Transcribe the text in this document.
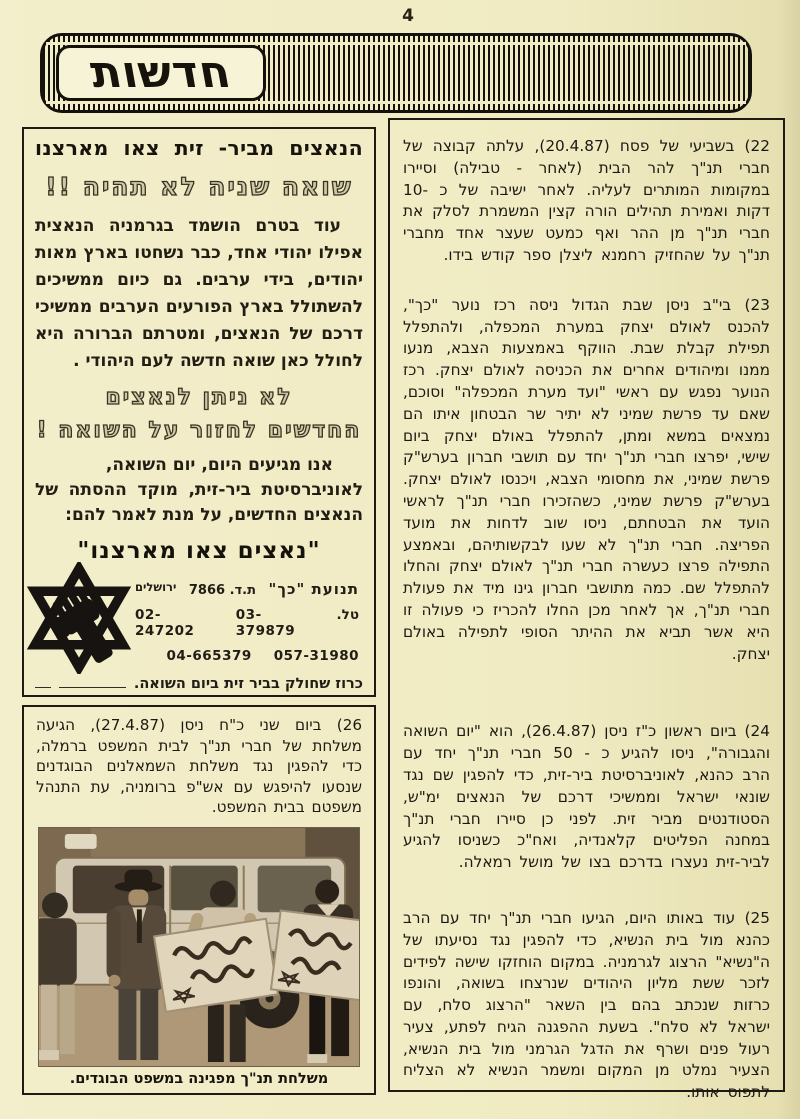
4
חדשות
הנאצים מביר- זית צאו מארצנו
שואה שניה לא תהיה !!
עוד בטרם הושמד בגרמניה הנאצית אפילו יהודי אחד, כבר נשחטו בארץ מאות יהודים, בידי ערבים. גם כיום ממשיכים להשתולל בארץ הפורעים הערבים ממשיכי דרכם של הנאצים, ומטרתם הברורה היא לחולל כאן שואה חדשה לעם היהודי .
לא ניתן לנאצים
החדשים לחזור על השואה !
אנו מגיעים היום, יום השואה,
לאוניברסיטת ביר-זית, מוקד ההסתה של
הנאצים החדשים, על מנת לאמר להם:
"נאצים צאו מארצנו"
תנועת "כך" ת.ד. 7866 ירושלים
טל.
03-379879
02-247202
057-31980
04-665379
כרוז שחולק בביר זית ביום השואה.

26) ביום שני כ"ח ניסן (27.4.87), הגיעה משלחת של חברי תנ"ך לבית המשפט ברמלה, כדי להפגין נגד משלחת השמאלנים הבוגדנים שנסעו להיפגש עם אש"פ ברומניה, עת התנהל משפטם בבית המשפט.

משלחת תנ"ך מפגינה במשפט הבוגדים.

22) בשביעי של פסח (20.4.87), עלתה קבוצה של חברי תנ"ך להר הבית (לאחר - טבילה) וסיירו במקומות המותרים לעליה. לאחר ישיבה של כ -10 דקות ואמירת תהילים הורה קצין המשמרת לסלק את חברי תנ"ך מן ההר ואף כמעט שעצר אחד מחברי תנ"ך על שהחזיק רחמנא ליצלן ספר קודש בידו.

23) בי"ב ניסן שבת הגדול ניסה רכז נוער "כך", להכנס לאולם יצחק במערת המכפלה, ולהתפלל תפילת קבלת שבת. הווקף באמצעות הצבא, מנעו ממנו ומיהודים אחרים את הכניסה לאולם יצחק. רכז הנוער נפגש עם ראשי "ועד מערת המכפלה" וסוכם, שאם עד פרשת שמיני לא יתיר שר הבטחון איתו הם נמצאים במשא ומתן, להתפלל באולם יצחק ביום שישי, יפרצו חברי תנ"ך יחד עם תושבי חברון בערש"ק פרשת שמיני, את מחסומי הצבא, ויכנסו לאולם יצחק. בערש"ק פרשת שמיני, כשהזכירו חברי תנ"ך לראשי הועד את הבטחתם, ניסו שוב לדחות את מועד הפריצה. חברי תנ"ך לא שעו לבקשותיהם, ובאמצע התפילה פרצו כעשרה חברי תנ"ך לאולם יצחק והחלו להתפלל שם. כמה מתושבי חברון גינו מיד את פעולת חברי תנ"ך, אך לאחר מכן החלו להכריז כי פעולה זו היא אשר תביא את ההיתר הסופי לתפילה באולם יצחק.

24) ביום ראשון כ"ז ניסן (26.4.87), הוא "יום השואה והגבורה", ניסו להגיע כ - 50 חברי תנ"ך יחד עם הרב כהנא, לאוניברסיטת ביר-זית, כדי להפגין שם נגד שונאי ישראל וממשיכי דרכם של הנאצים ימ"ש, הסטודנטים מביר זית. לפני כן סיירו חברי תנ"ך במחנה הפליטים קלאנדיה, ואח"כ כשניסו להגיע לביר-זית נעצרו בדרכם בצו של מושל רמאלה.

25) עוד באותו היום, הגיעו חברי תנ"ך יחד עם הרב כהנא מול בית הנשיא, כדי להפגין נגד נסיעתו של ה"נשיא" הרצוג לגרמניה. במקום הוחזקו שישה לפידים לזכר ששת מליון היהודים שנרצחו בשואה, והונפו כרזות שנכתב בהם בין השאר "הרצוג סלח, עם ישראל לא סלח". בשעת ההפגנה הגיח לפתע, צעיר רעול פנים ושרף את הדגל הגרמני מול בית הנשיא, הצעיר נמלט מן המקום ומשמר הנשיא לא הצליח לתפוס אותו.
